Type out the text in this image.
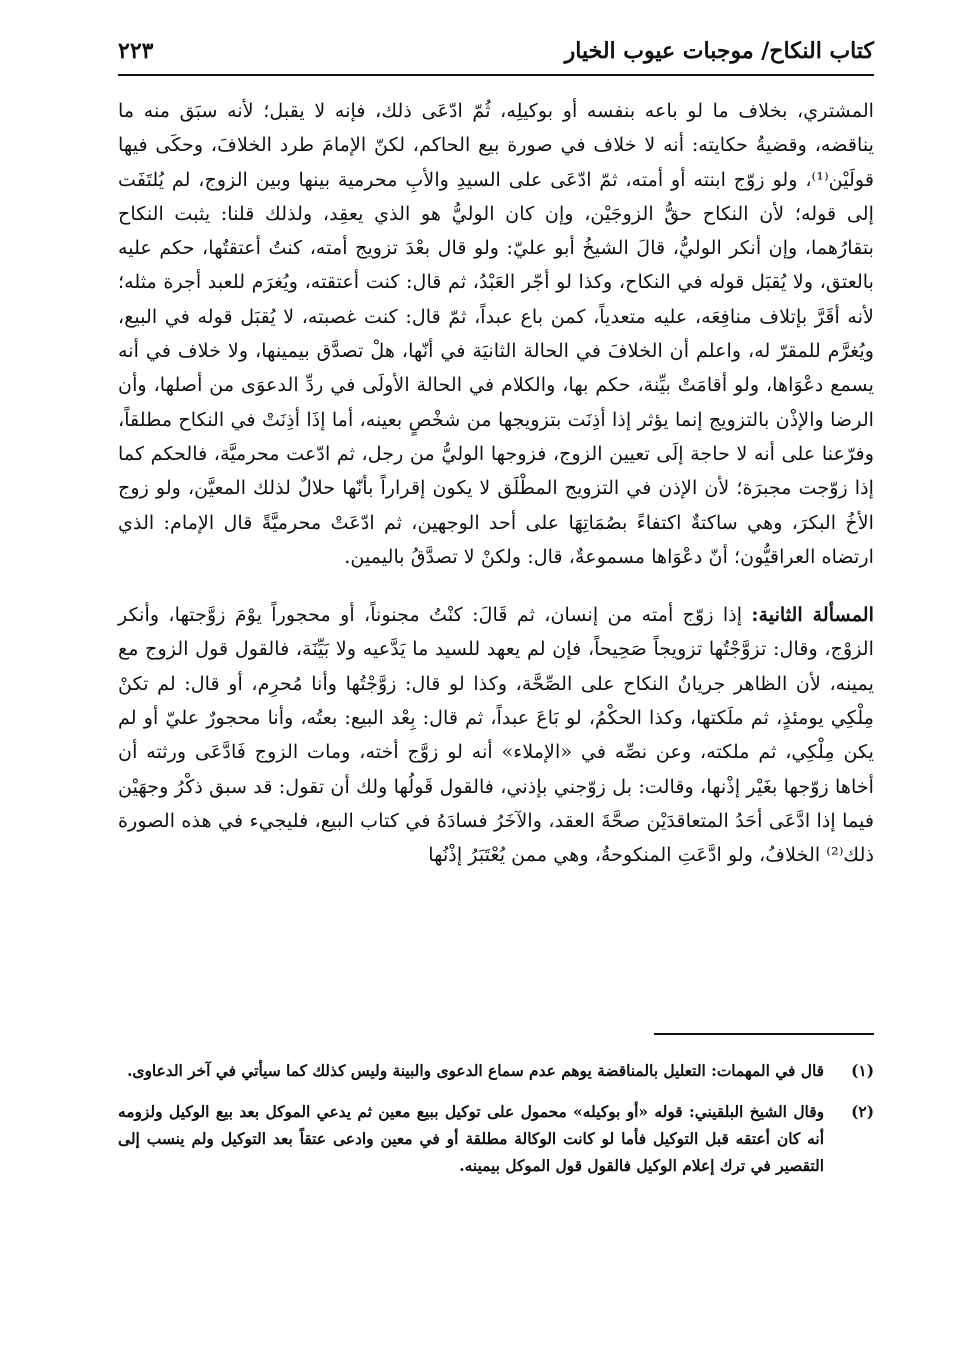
كتاب النكاح/ موجبات عيوب الخيار
٢٢٣

المشتري، بخلاف ما لو باعه بنفسه أو بوكيلِه، ثُمّ ادّعَى ذلك، فإنه لا يقبل؛ لأنه سبَق منه ما يناقضه، وقضيةُ حكايته: أنه لا خلاف في صورة بيع الحاكم، لكنّ الإمامَ طرد الخلافَ، وحكَى فيها قولَيْن⁽¹⁾، ولو زوّج ابنته أو أمته، ثمّ ادّعَى على السيدِ والأبِ محرمية بينها وبين الزوج، لم يُلتَفَت إلى قوله؛ لأن النكاح حقُّ الزوجَيْن، وإن كان الوليُّ هو الذي يعقِد، ولذلك قلنا: يثبت النكاح بتقارُهما، وإن أنكر الوليُّ، قالَ الشيخُ أبو عليّ: ولو قال بعْدَ تزويج أمته، كنتُ أعتقتُها، حكم عليه بالعتق، ولا يُقبَل قوله في النكاح، وكذا لو أجّر العَبْدُ، ثم قال: كنت أعتقته، ويُغرَم للعبد أجرة مثله؛ لأنه أقَرَّ بإتلاف منافِعَه، عليه متعدياً، كمن باع عبداً، ثمّ قال: كنت غصبته، لا يُقبَل قوله في البيع، ويُغرَّم للمقرّ له، واعلم أن الخلافَ في الحالة الثانيَة في أنّها، هلْ تصدَّق بيمينها، ولا خلاف في أنه يسمع دعْوَاها، ولو أقامَتْ بيِّنة، حكم بها، والكلام في الحالة الأولَى في ردِّ الدعوَى من أصلها، وأن الرضا والإذْن بالتزويج إنما يؤثر إذا أذِنَت بتزويجها من شخْصٍ بعينه، أما إذَا أذِنَتْ في النكاح مطلقاً، وفرّعنا على أنه لا حاجة إلَى تعيين الزوج، فزوجها الوليُّ من رجل، ثم ادّعت محرميَّة، فالحكم كما إذا زوّجت مجبرَة؛ لأن الإذن في التزويج المطْلَق لا يكون إقراراً بأنّها حلالٌ لذلك المعيَّن، ولو زوج الأخُ البكرَ، وهي ساكتةٌ اكتفاءً بصُمَاتِهَا على أحد الوجهين، ثم ادّعَتْ محرميَّةً قال الإمام: الذي ارتضاه العراقيُّون؛ أنّ دعْوَاها مسموعةٌ، قال: ولكنْ لا تصدَّقُ باليمين.

المسألة الثانية: إذا زوّج أمته من إنسان، ثم قَالَ: كنْتُ مجنوناً، أو محجوراً يوْمَ زوَّجتها، وأنكر الزوْج، وقال: تزوَّجْتُها تزويجاً صَحِيحاً، فإن لم يعهد للسيد ما يَدَّعيه ولا بَيِّنَة، فالقول قول الزوج مع يمينه، لأن الظاهر جريانُ النكاح على الصِّحَّة، وكذا لو قال: زوَّجْتُها وأنا مُحرِم، أو قال: لم تكنْ مِلْكِي يومئذٍ، ثم ملَكتها، وكذا الحكْمُ، لو بَاعَ عبداً، ثم قال: بِعْد البيع: بعتُه، وأنا محجورٌ عليّ أو لم يكن مِلْكِي، ثم ملكته، وعن نصِّه في «الإملاء» أنه لو زوَّج أخته، ومات الزوج فَادَّعَى ورثته أن أخاها زوّجها بغَيْر إذْنها، وقالت: بل زوّجني بإذني، فالقول قَولُها ولك أن تقول: قد سبق ذكْرُ وجهَيْن فيما إذا ادَّعَى أحَدُ المتعاقدَيْن صحَّةَ العقد، والآخَرُ فسادَهُ في كتاب البيع، فليجيء في هذه الصورة ذلك⁽²⁾ الخلافُ، ولو ادَّعَتِ المنكوحةُ، وهي ممن يُعْتَبَرُ إذْنُها

(١)
قال في المهمات: التعليل بالمناقضة يوهم عدم سماع الدعوى والبينة وليس كذلك كما سيأتي في آخر الدعاوى.
(٢)
وقال الشيخ البلقيني: قوله «أو بوكيله» محمول على توكيل ببيع معين ثم يدعي الموكل بعد بيع الوكيل ولزومه أنه كان أعتقه قبل التوكيل فأما لو كانت الوكالة مطلقة أو في معين وادعى عتقاً بعد التوكيل ولم ينسب إلى التقصير في ترك إعلام الوكيل فالقول قول الموكل بيمينه.
